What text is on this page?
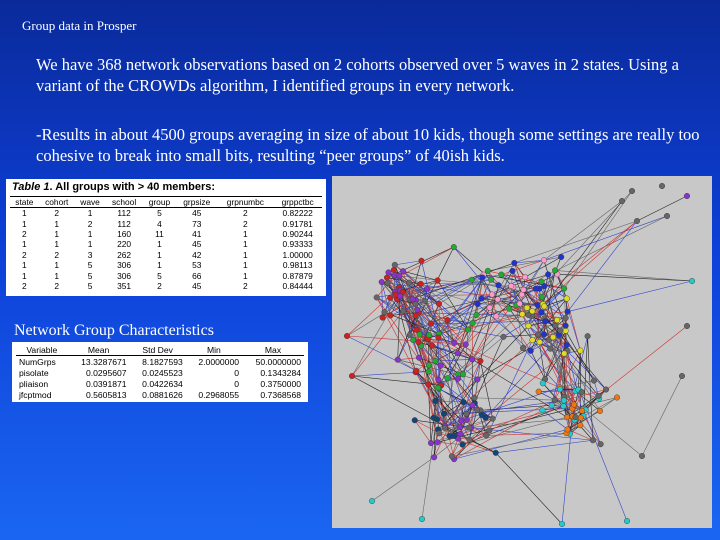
Group data in Prosper
We have 368 network observations based on 2 cohorts observed over 5 waves in 2 states. Using a variant of the CROWDs algorithm, I identified groups in every network.
-Results in about 4500 groups averaging in size of about 10 kids, though some settings are really too cohesive to break into small bits, resulting “peer groups” of 40ish kids.
Table 1. All groups with > 40 members:
state	cohort	wave	school	group	grpsize	grpnumbc	grppctbc
1	2	1	112	5	45	2	0.82222
1	1	2	112	4	73	2	0.91781
2	1	1	160	11	41	1	0.90244
1	1	1	220	1	45	1	0.93333
2	2	3	262	1	42	1	1.00000
1	1	5	306	1	53	1	0.98113
1	1	5	306	5	66	1	0.87879
2	2	5	351	2	45	2	0.84444
Network Group Characteristics
Variable	Mean	Std Dev	Min	Max
NumGrps	13.3287671	8.1827593	2.0000000	50.0000000
pisolate	0.0295607	0.0245523	0	0.1343284
pliaison	0.0391871	0.0422634	0	0.3750000
jfcptmod	0.5605813	0.0881626	0.2968055	0.7368568
